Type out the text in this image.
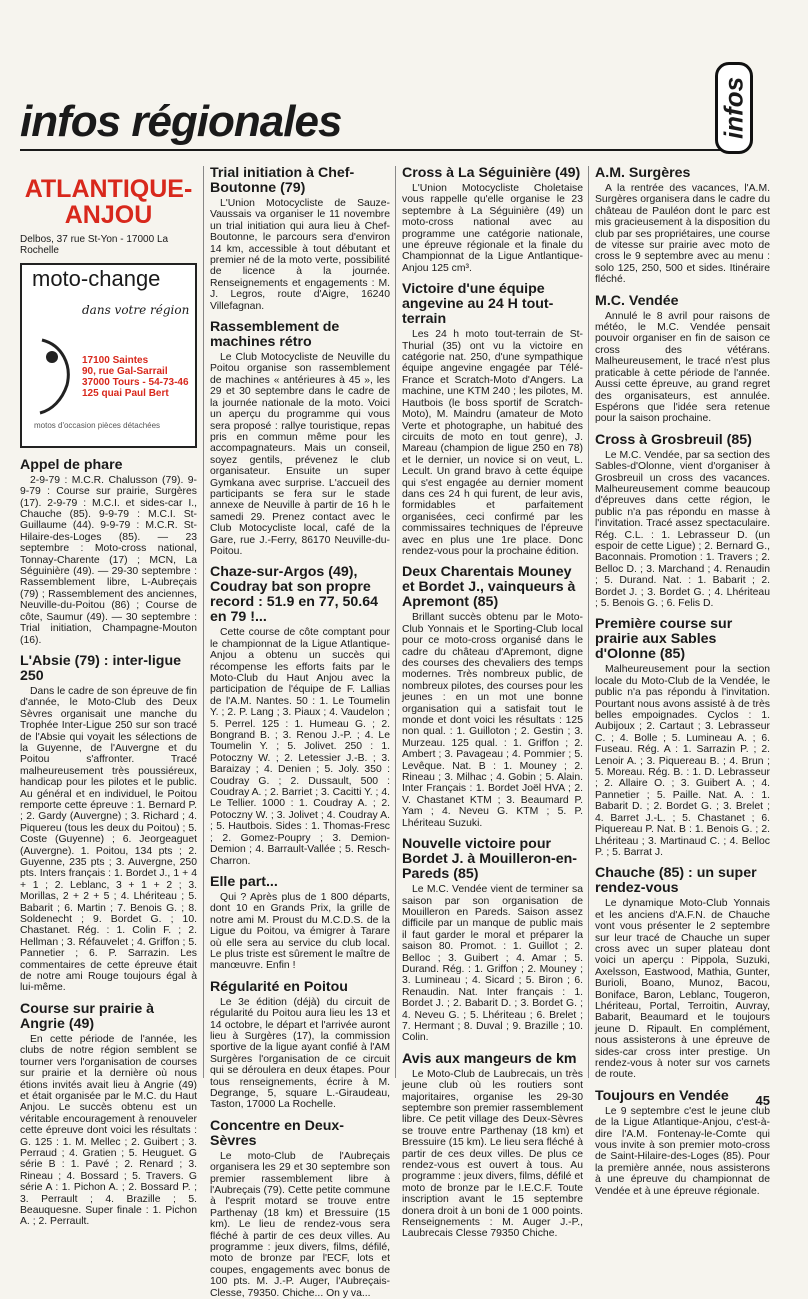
infos régionales	infos
ATLANTIQUE-
ANJOU
Delbos, 37 rue St-Yon - 17000 La Rochelle
moto-change
dans votre région
17100 Saintes
90, rue Gal-Sarrail
37000 Tours - 54-73-46
125 quai Paul Bert
motos d'occasion pièces détachées
Appel de phare

2-9-79 : M.C.R. Chalusson (79). 9-9-79 : Course sur prairie, Surgères (17). 2-9-79 : M.C.I. et sides-car I., Chauche (85). 9-9-79 : M.C.I. St-Guillaume (44). 9-9-79 : M.C.R. St-Hilaire-des-Loges (85). — 23 septembre : Moto-cross national, Tonnay-Charente (17) ; MCN, La Séguinière (49). — 29-30 septembre : Rassemblement libre, L-Aubreçais (79) ; Rassemblement des anciennes, Neuville-du-Poitou (86) ; Course de côte, Saumur (49). — 30 septembre : Trial initiation, Champagne-Mouton (16).

L'Absie (79) : inter-ligue 250

Dans le cadre de son épreuve de fin d'année, le Moto-Club des Deux Sèvres organisait une manche du Trophée Inter-Ligue 250 sur son tracé de l'Absie qui voyait les sélections de la Guyenne, de l'Auvergne et du Poitou s'affronter. Tracé malheureusement très poussiéreux, handicap pour les pilotes et le public. Au général et en individuel, le Poitou remporte cette épreuve : 1. Bernard P. ; 2. Gardy (Auvergne) ; 3. Richard ; 4. Piquereu (tous les deux du Poitou) ; 5. Coste (Guyenne) ; 6. Jeorgeaguet (Auvergne). 1. Poitou, 134 pts ; 2. Guyenne, 235 pts ; 3. Auvergne, 250 pts. Inters français : 1. Bordet J., 1 + 4 + 1 ; 2. Leblanc, 3 + 1 + 2 ; 3. Morillas, 2 + 2 + 5 ; 4. Lhériteau ; 5. Babarit ; 6. Martin ; 7. Benois G. ; 8. Soldenecht ; 9. Bordet G. ; 10. Chastanet. Rég. : 1. Colin F. ; 2. Hellman ; 3. Réfauvelet ; 4. Griffon ; 5. Pannetier ; 6. P. Sarrazin. Les commentaires de cette épreuve était de notre ami Rouge toujours égal à lui-même.

Course sur prairie à Angrie (49)

En cette période de l'année, les clubs de notre région semblent se tourner vers l'organisation de courses sur prairie et la dernière où nous étions invités avait lieu à Angrie (49) et était organisée par le M.C. du Haut Anjou. Le succès obtenu est un véritable encouragement à renouveler cette épreuve dont voici les résultats : G. 125 : 1. M. Mellec ; 2. Guibert ; 3. Perraud ; 4. Gratien ; 5. Heuguet. G série B : 1. Pavé ; 2. Renard ; 3. Rineau ; 4. Bossard ; 5. Travers. G série A : 1. Pichon A. ; 2. Bossard P. ; 3. Perrault ; 4. Brazille ; 5. Beauquesne. Super finale : 1. Pichon A. ; 2. Perrault.

Trial initiation à Chef-Boutonne (79)

L'Union Motocycliste de Sauze-Vaussais va organiser le 11 novembre un trial initiation qui aura lieu à Chef-Boutonne, le parcours sera d'environ 14 km, accessible à tout débutant et premier né de la moto verte, possibilité de licence à la journée. Renseignements et engagements : M. J. Legros, route d'Aigre, 16240 Villefagnan.

Rassemblement de machines rétro

Le Club Motocycliste de Neuville du Poitou organise son rassemblement de machines « antérieures à 45 », les 29 et 30 septembre dans le cadre de la journée nationale de la moto. Voici un aperçu du programme qui vous sera proposé : rallye touristique, repas pris en commun même pour les accompagnateurs. Mais un conseil, soyez gentils, prévenez le club organisateur. Ensuite un super Gymkana avec surprise. L'accueil des participants se fera sur le stade annexe de Neuville à partir de 16 h le samedi 29. Prenez contact avec le Club Motocycliste local, café de la Gare, rue J.-Ferry, 86170 Neuville-du-Poitou.

Chaze-sur-Argos (49), Coudray bat son propre record : 51.9 en 77, 50.64 en 79 !...

Cette course de côte comptant pour le championnat de la Ligue Atlantique-Anjou a obtenu un succès qui récompense les efforts faits par le Moto-Club du Haut Anjou avec la participation de l'équipe de F. Lallias de l'A.M. Nantes. 50 : 1. Le Toumelin Y. ; 2. P. Lang ; 3. Piaux ; 4. Vaudelon ; 5. Perrel. 125 : 1. Humeau G. ; 2. Bongrand B. ; 3. Renou J.-P. ; 4. Le Toumelin Y. ; 5. Jolivet. 250 : 1. Potoczny W. ; 2. Letessier J.-B. ; 3. Baraizay ; 4. Denien ; 5. Joly. 350 : Coudray G. ; 2. Dussault, 500 : Coudray A. ; 2. Barriet ; 3. Cacitti Y. ; 4. Le Tellier. 1000 : 1. Coudray A. ; 2. Potoczny W. ; 3. Jolivet ; 4. Coudray A. ; 5. Hautbois. Sides : 1. Thomas-Fresc ; 2. Gomez-Poupry ; 3. Demion-Demion ; 4. Barrault-Vallée ; 5. Resch-Charron.

Elle part...

Qui ? Après plus de 1 800 départs, dont 10 en Grands Prix, la grille de notre ami M. Proust du M.C.D.S. de la Ligue du Poitou, va émigrer à Tarare où elle sera au service du club local. Le plus triste est sûrement le maître de manœuvre. Enfin !

Régularité en Poitou

Le 3e édition (déjà) du circuit de régularité du Poitou aura lieu les 13 et 14 octobre, le départ et l'arrivée auront lieu à Surgères (17), la commission sportive de la ligue ayant confié à l'AM Surgères l'organisation de ce circuit qui se déroulera en deux étapes. Pour tous renseignements, écrire à M. Degrange, 5, square L.-Giraudeau, Taston, 17000 La Rochelle.

Concentre en Deux-Sèvres

Le moto-Club de l'Aubreçais organisera les 29 et 30 septembre son premier rassemblement libre à l'Aubreçais (79). Cette petite commune à l'esprit motard se trouve entre Parthenay (18 km) et Bressuire (15 km). Le lieu de rendez-vous sera fléché à partir de ces deux villes. Au programme : jeux divers, films, défilé, moto de bronze par l'ECF, lots et coupes, engagements avec bonus de 100 pts. M. J.-P. Auger, l'Aubreçais-Clesse, 79350. Chiche... On y va...

Cross à La Séguinière (49)

L'Union Motocycliste Choletaise vous rappelle qu'elle organise le 23 septembre à La Séguinière (49) un moto-cross national avec au programme une catégorie nationale, une épreuve régionale et la finale du Championnat de la Ligue Antlantique-Anjou 125 cm³.

Victoire d'une équipe angevine au 24 H tout-terrain

Les 24 h moto tout-terrain de St-Thurial (35) ont vu la victoire en catégorie nat. 250, d'une sympathique équipe angevine engagée par Télé-France et Scratch-Moto d'Angers. La machine, une KTM 240 ; les pilotes, M. Hautbois (le boss sportif de Scratch-Moto), M. Maindru (amateur de Moto Verte et photographe, un habitué des circuits de moto en tout genre), J. Mareau (champion de ligue 250 en 78) et le dernier, un novice si on veut, L. Lecult. Un grand bravo à cette équipe qui s'est engagée au dernier moment dans ces 24 h qui furent, de leur avis, formidables et parfaitement organisées, ceci confirmé par les commissaires techniques de l'épreuve avec en plus une 1re place. Donc rendez-vous pour la prochaine édition.

Deux Charentais Mouney et Bordet J., vainqueurs à Apremont (85)

Brillant succès obtenu par le Moto-Club Yonnais et le Sporting-Club local pour ce moto-cross organisé dans le cadre du château d'Apremont, digne des courses des chevaliers des temps modernes. Très nombreux public, de nombreux pilotes, des courses pour les jeunes : en un mot une bonne organisation qui a satisfait tout le monde et dont voici les résultats : 125 non qual. : 1. Guilloton ; 2. Gestin ; 3. Murzeau. 125 qual. : 1. Griffon ; 2. Ambert ; 3. Pavageau ; 4. Pommier ; 5. Levêque. Nat. B : 1. Mouney ; 2. Rineau ; 3. Milhac ; 4. Gobin ; 5. Alain. Inter Français : 1. Bordet Joël HVA ; 2. V. Chastanet KTM ; 3. Beaumard P. Yam ; 4. Neveu G. KTM ; 5. P. Lhériteau Suzuki.

Nouvelle victoire pour Bordet J. à Mouilleron-en-Pareds (85)

Le M.C. Vendée vient de terminer sa saison par son organisation de Mouilleron en Pareds. Saison assez difficile par un manque de public mais il faut garder le moral et préparer la saison 80. Promot. : 1. Guillot ; 2. Belloc ; 3. Guibert ; 4. Amar ; 5. Durand. Rég. : 1. Griffon ; 2. Mouney ; 3. Lumineau ; 4. Sicard ; 5. Biron ; 6. Renaudin. Nat. Inter français : 1. Bordet J. ; 2. Babarit D. ; 3. Bordet G. ; 4. Neveu G. ; 5. Lhériteau ; 6. Brelet ; 7. Hermant ; 8. Duval ; 9. Brazille ; 10. Colin.

Avis aux mangeurs de km

Le Moto-Club de Laubrecais, un très jeune club où les routiers sont majoritaires, organise les 29-30 septembre son premier rassemblement libre. Ce petit village des Deux-Sèvres se trouve entre Parthenay (18 km) et Bressuire (15 km). Le lieu sera fléché à partir de ces deux villes. De plus ce rendez-vous est ouvert à tous. Au programme : jeux divers, films, défilé et moto de bronze par le I.E.C.F. Toute inscription avant le 15 septembre donera droit à un boni de 1 000 points. Renseignements : M. Auger J.-P., Laubrecais Clesse 79350 Chiche.

A.M. Surgères

A la rentrée des vacances, l'A.M. Surgères organisera dans le cadre du château de Pauléon dont le parc est mis gracieusement à la disposition du club par ses propriétaires, une course de vitesse sur prairie avec moto de cross le 9 septembre avec au menu : solo 125, 250, 500 et sides. Itinéraire fléché.

M.C. Vendée

Annulé le 8 avril pour raisons de météo, le M.C. Vendée pensait pouvoir organiser en fin de saison ce cross des vétérans. Malheureusement, le tracé n'est plus praticable à cette période de l'année. Aussi cette épreuve, au grand regret des organisateurs, est annulée. Espérons que l'idée sera retenue pour la saison prochaine.

Cross à Grosbreuil (85)

Le M.C. Vendée, par sa section des Sables-d'Olonne, vient d'organiser à Grosbreuil un cross des vacances. Malheureusement comme beaucoup d'épreuves dans cette région, le public n'a pas répondu en masse à l'invitation. Tracé assez spectaculaire. Rég. C.L. : 1. Lebrasseur D. (un espoir de cette Ligue) ; 2. Bernard G., Baconnais. Promotion : 1. Travers ; 2. Belloc D. ; 3. Marchand ; 4. Renaudin ; 5. Durand. Nat. : 1. Babarit ; 2. Bordet J. ; 3. Bordet G. ; 4. Lhériteau ; 5. Benois G. ; 6. Felis D.

Première course sur prairie aux Sables d'Olonne (85)

Malheureusement pour la section locale du Moto-Club de la Vendée, le public n'a pas répondu à l'invitation. Pourtant nous avons assisté à de très belles empoignades. Cyclos : 1. Aubijoux ; 2. Cartaut ; 3. Lebrasseur C. ; 4. Bolle ; 5. Lumineau A. ; 6. Fuseau. Rég. A : 1. Sarrazin P. ; 2. Lenoir A. ; 3. Piquereau B. ; 4. Brun ; 5. Moreau. Rég. B. : 1. D. Lebrasseur ; 2. Allaire O. ; 3. Guibert A. ; 4. Pannetier ; 5. Paille. Nat. A. : 1. Babarit D. ; 2. Bordet G. ; 3. Brelet ; 4. Barret J.-L. ; 5. Chastanet ; 6. Piquereau P. Nat. B : 1. Benois G. ; 2. Lhériteau ; 3. Martinaud C. ; 4. Belloc P. ; 5. Barrat J.

Chauche (85) : un super rendez-vous

Le dynamique Moto-Club Yonnais et les anciens d'A.F.N. de Chauche vont vous présenter le 2 septembre sur leur tracé de Chauche un super cross avec un super plateau dont voici un aperçu : Pippola, Suzuki, Axelsson, Eastwood, Mathia, Gunter, Burioli, Boano, Munoz, Bacou, Boniface, Baron, Leblanc, Tougeron, Lhériteau, Portal, Terroitin, Auvray, Babarit, Beaumard et le toujours jeune D. Ripault. En complément, nous assisterons à une épreuve de sides-car cross inter prestige. Un rendez-vous à noter sur vos carnets de route.

Toujours en Vendée

Le 9 septembre c'est le jeune club de la Ligue Atlantique-Anjou, c'est-à-dire l'A.M. Fontenay-le-Comte qui vous invite à son premier moto-cross de Saint-Hilaire-des-Loges (85). Pour la première année, nous assisterons à une épreuve du championnat de Vendée et à une épreuve régionale.

45
